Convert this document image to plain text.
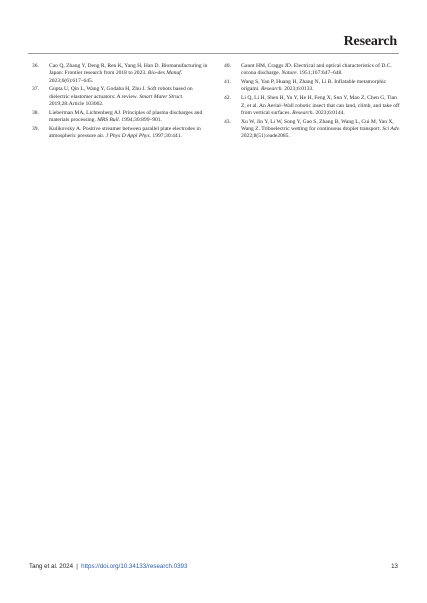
Research
36. Cao Q, Zhang Y, Deng R, Ren K, Yang H, Han D. Biomanufacturing in Japan: Frontier research from 2018 to 2023. Bio-des Manuf. 2023;6(6):617–645.
37. Gupta U, Qin L, Wang Y, Godaba H, Zhu J. Soft robots based on dielectric elastomer actuators: A review. Smart Mater Struct. 2019;28:Article 103002.
38. Lieberman MA, Lichtenberg AJ. Principles of plasma discharges and materials processing. MRS Bull. 1994;30:899–901.
39. Kulikovsky A. Positive streamer between parallel plate electrodes in atmospheric pressure air. J Phys D Appl Phys. 1997;30:441.
40. Gaunt HM, Craggs JD. Electrical and optical characteristics of D.C. corona discharge. Nature. 1951;167:647–648.
41. Wang S, Yan P, Huang H, Zhang N, Li B. Inflatable metamorphic origami. Research. 2023;6:0133.
42. Li Q, Li H, Shen H, Yu Y, He H, Feng X, Sun Y, Mao Z, Chen G, Tian Z, et al. An Aerial–Wall robotic insect that can land, climb, and take off from vertical surfaces. Research. 2023;6:0144.
43. Xu W, Jin Y, Li W, Song Y, Gao S, Zhang B, Wang L, Cui M, Yan X, Wang Z. Triboelectric wetting for continuous droplet transport. Sci Adv. 2022;8(51):eade2085.
Tang et al. 2024 | https://doi.org/10.34133/research.0393	13
